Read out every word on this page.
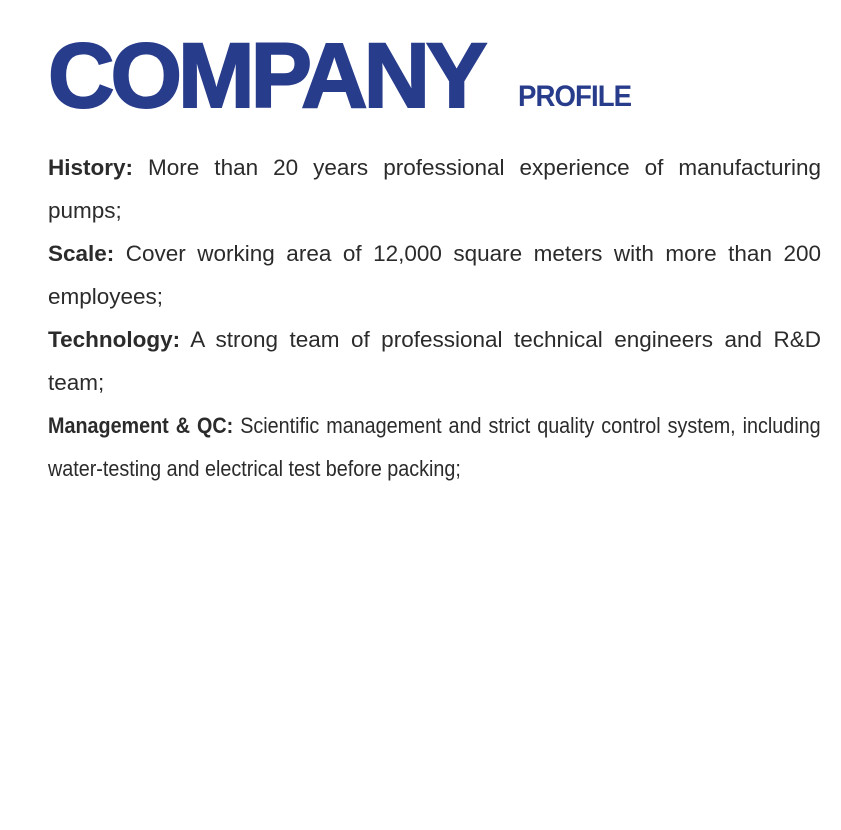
COMPANY PROFILE
History: More than 20 years professional experience of manufacturing pumps;
Scale: Cover working area of 12,000 square meters with more than 200 employees;
Technology: A strong team of professional technical engineers and R&D team;
Management & QC: Scientific management and strict quality control system, including water-testing and electrical test before packing;
